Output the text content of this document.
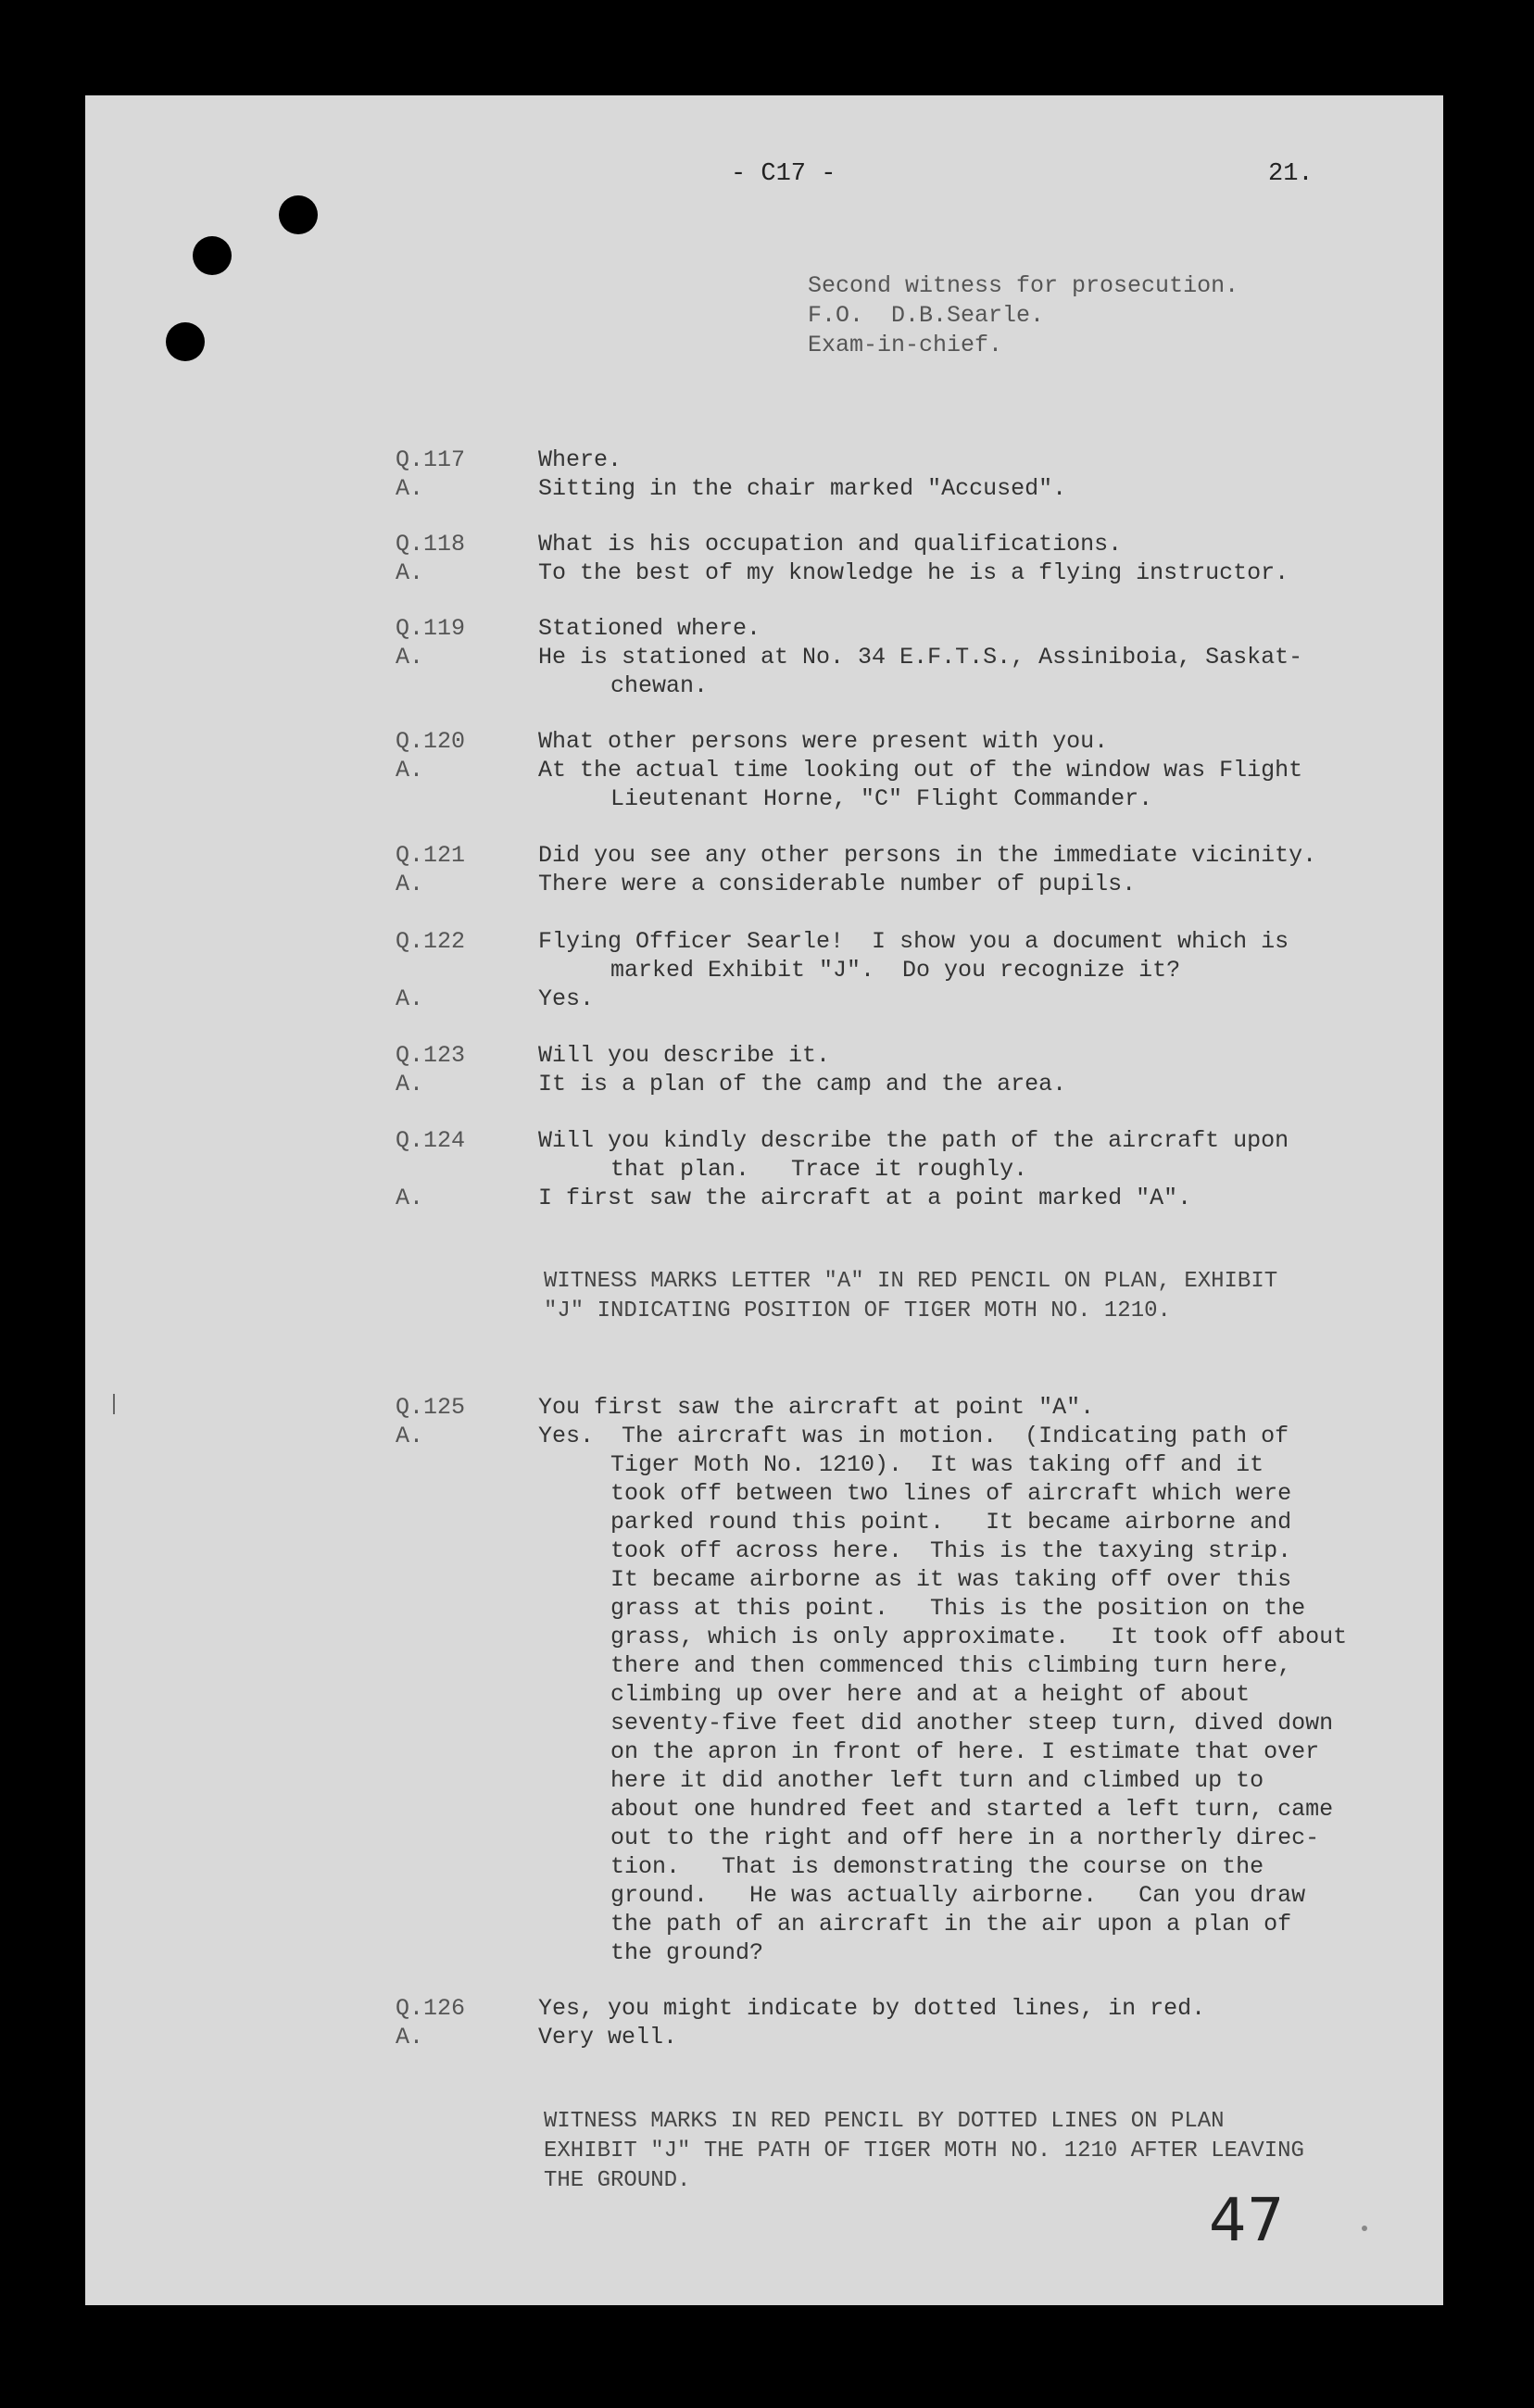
- C17 -	21.
Second witness for prosecution.
F.O.  D.B.Searle.
Exam-in-chief.
Q.117	Where.
A.	Sitting in the chair marked "Accused".
Q.118	What is his occupation and qualifications.
A.	To the best of my knowledge he is a flying instructor.
Q.119	Stationed where.
A.	He is stationed at No. 34 E.F.T.S., Assiniboia, Saskat-
chewan.
Q.120	What other persons were present with you.
A.	At the actual time looking out of the window was Flight
Lieutenant Horne, "C" Flight Commander.
Q.121	Did you see any other persons in the immediate vicinity.
A.	There were a considerable number of pupils.
Q.122	Flying Officer Searle!  I show you a document which is
marked Exhibit "J".  Do you recognize it?
A.	Yes.
Q.123	Will you describe it.
A.	It is a plan of the camp and the area.
Q.124	Will you kindly describe the path of the aircraft upon
that plan.   Trace it roughly.
A.	I first saw the aircraft at a point marked "A".
WITNESS MARKS LETTER "A" IN RED PENCIL ON PLAN, EXHIBIT
"J" INDICATING POSITION OF TIGER MOTH NO. 1210.
Q.125	You first saw the aircraft at point "A".
A.	Yes.  The aircraft was in motion.  (Indicating path of
Tiger Moth No. 1210).  It was taking off and it
took off between two lines of aircraft which were
parked round this point.   It became airborne and
took off across here.  This is the taxying strip.
It became airborne as it was taking off over this
grass at this point.   This is the position on the
grass, which is only approximate.   It took off about
there and then commenced this climbing turn here,
climbing up over here and at a height of about
seventy-five feet did another steep turn, dived down
on the apron in front of here. I estimate that over
here it did another left turn and climbed up to
about one hundred feet and started a left turn, came
out to the right and off here in a northerly direc-
tion.   That is demonstrating the course on the
ground.   He was actually airborne.   Can you draw
the path of an aircraft in the air upon a plan of
the ground?
Q.126	Yes, you might indicate by dotted lines, in red.
A.	Very well.
WITNESS MARKS IN RED PENCIL BY DOTTED LINES ON PLAN
EXHIBIT "J" THE PATH OF TIGER MOTH NO. 1210 AFTER LEAVING
THE GROUND.
47
